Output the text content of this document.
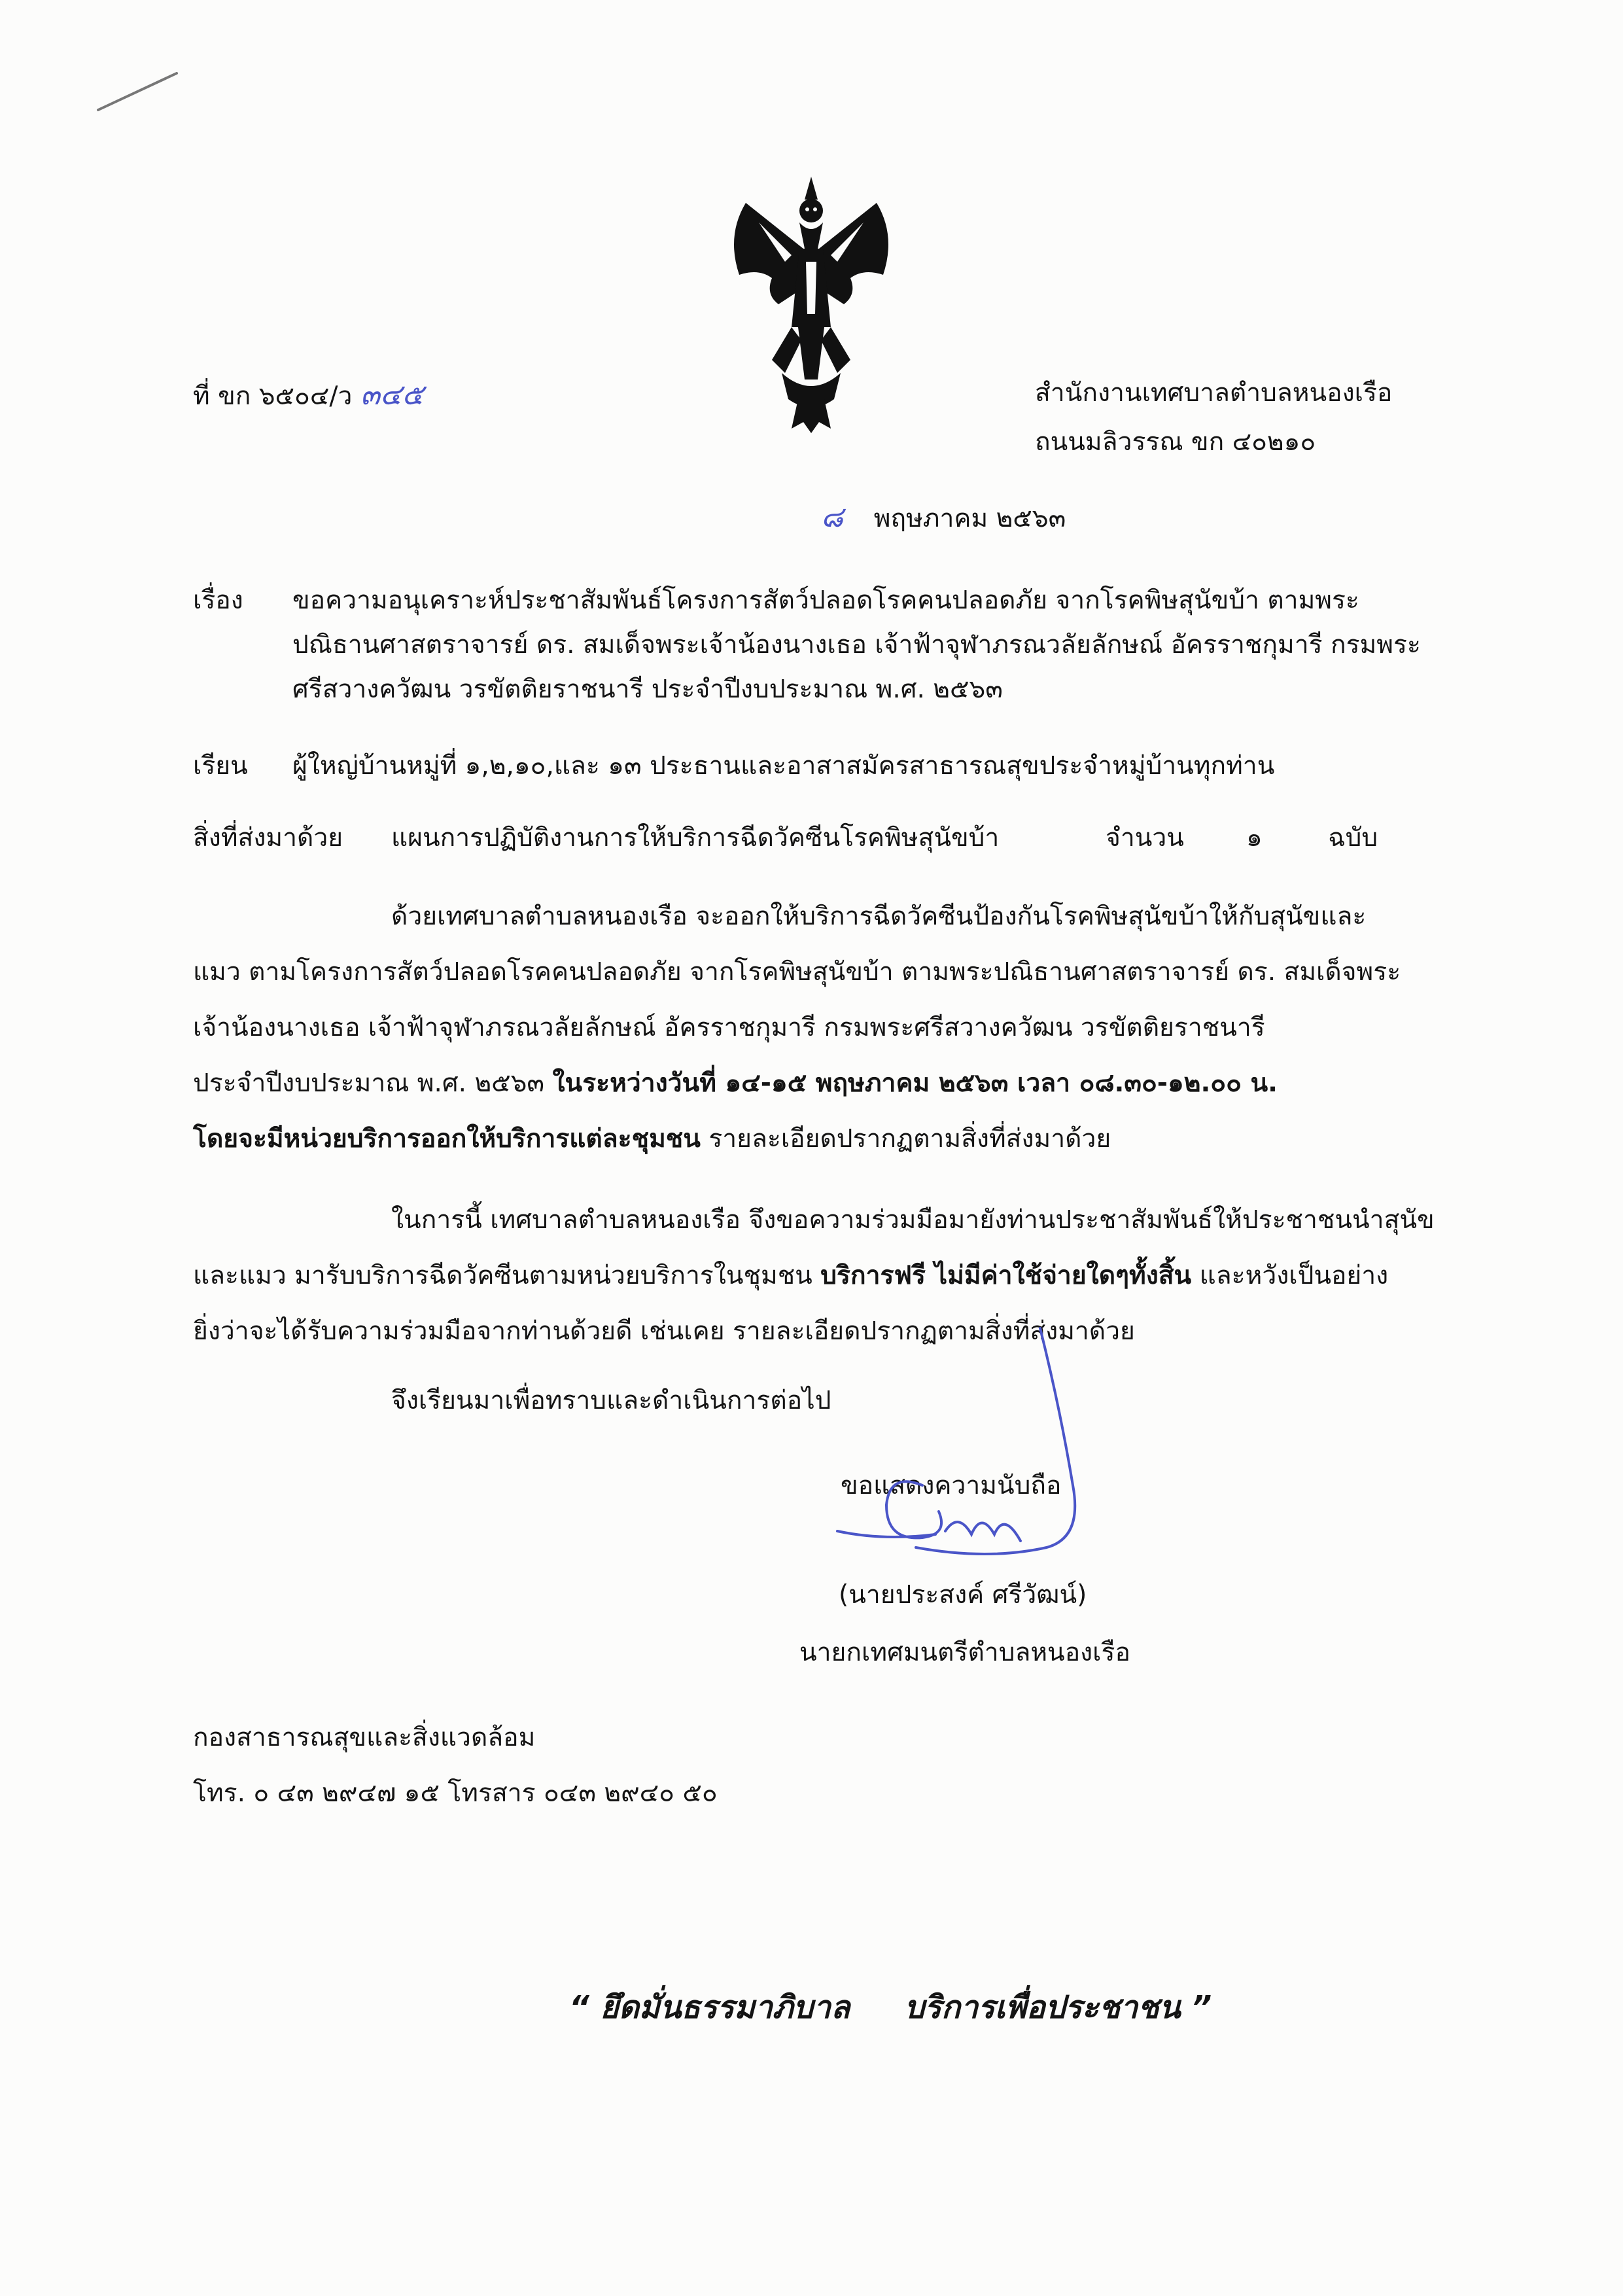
ที่ ขก ๖๕๐๔/ว ๓๔๕	สำนักงานเทศบาลตำบลหนองเรือ
ถนนมลิวรรณ ขก ๔๐๒๑๐
๘ พฤษภาคม ๒๕๖๓
เรื่อง ขอความอนุเคราะห์ประชาสัมพันธ์โครงการสัตว์ปลอดโรคคนปลอดภัย จากโรคพิษสุนัขบ้า ตามพระ
ปณิธานศาสตราจารย์ ดร. สมเด็จพระเจ้าน้องนางเธอ เจ้าฟ้าจุฬาภรณวลัยลักษณ์ อัครราชกุมารี กรมพระ
ศรีสวางควัฒน วรขัตติยราชนารี ประจำปีงบประมาณ พ.ศ. ๒๕๖๓
เรียน ผู้ใหญ่บ้านหมู่ที่ ๑,๒,๑๐,และ ๑๓ ประธานและอาสาสมัครสาธารณสุขประจำหมู่บ้านทุกท่าน
สิ่งที่ส่งมาด้วย แผนการปฏิบัติงานการให้บริการฉีดวัคซีนโรคพิษสุนัขบ้า	จำนวน ๑	ฉบับ
ด้วยเทศบาลตำบลหนองเรือ จะออกให้บริการฉีดวัคซีนป้องกันโรคพิษสุนัขบ้าให้กับสุนัขและ
แมว ตามโครงการสัตว์ปลอดโรคคนปลอดภัย จากโรคพิษสุนัขบ้า ตามพระปณิธานศาสตราจารย์ ดร. สมเด็จพระ
เจ้าน้องนางเธอ เจ้าฟ้าจุฬาภรณวลัยลักษณ์ อัครราชกุมารี กรมพระศรีสวางควัฒน วรขัตติยราชนารี
ประจำปีงบประมาณ พ.ศ. ๒๕๖๓ ในระหว่างวันที่ ๑๔-๑๕ พฤษภาคม ๒๕๖๓ เวลา ๐๘.๓๐-๑๒.๐๐ น.
โดยจะมีหน่วยบริการออกให้บริการแต่ละชุมชน รายละเอียดปรากฏตามสิ่งที่ส่งมาด้วย
ในการนี้ เทศบาลตำบลหนองเรือ จึงขอความร่วมมือมายังท่านประชาสัมพันธ์ให้ประชาชนนำสุนัข
และแมว มารับบริการฉีดวัคซีนตามหน่วยบริการในชุมชน บริการฟรี ไม่มีค่าใช้จ่ายใดๆทั้งสิ้น และหวังเป็นอย่าง
ยิ่งว่าจะได้รับความร่วมมือจากท่านด้วยดี เช่นเคย รายละเอียดปรากฏตามสิ่งที่ส่งมาด้วย
จึงเรียนมาเพื่อทราบและดำเนินการต่อไป
ขอแสดงความนับถือ
(นายประสงค์ ศรีวัฒน์)
นายกเทศมนตรีตำบลหนองเรือ
กองสาธารณสุขและสิ่งแวดล้อม
โทร. ๐ ๔๓ ๒๙๔๗ ๑๕ โทรสาร ๐๔๓ ๒๙๔๐ ๕๐
“ ยึดมั่นธรรมาภิบาล บริการเพื่อประชาชน ”
